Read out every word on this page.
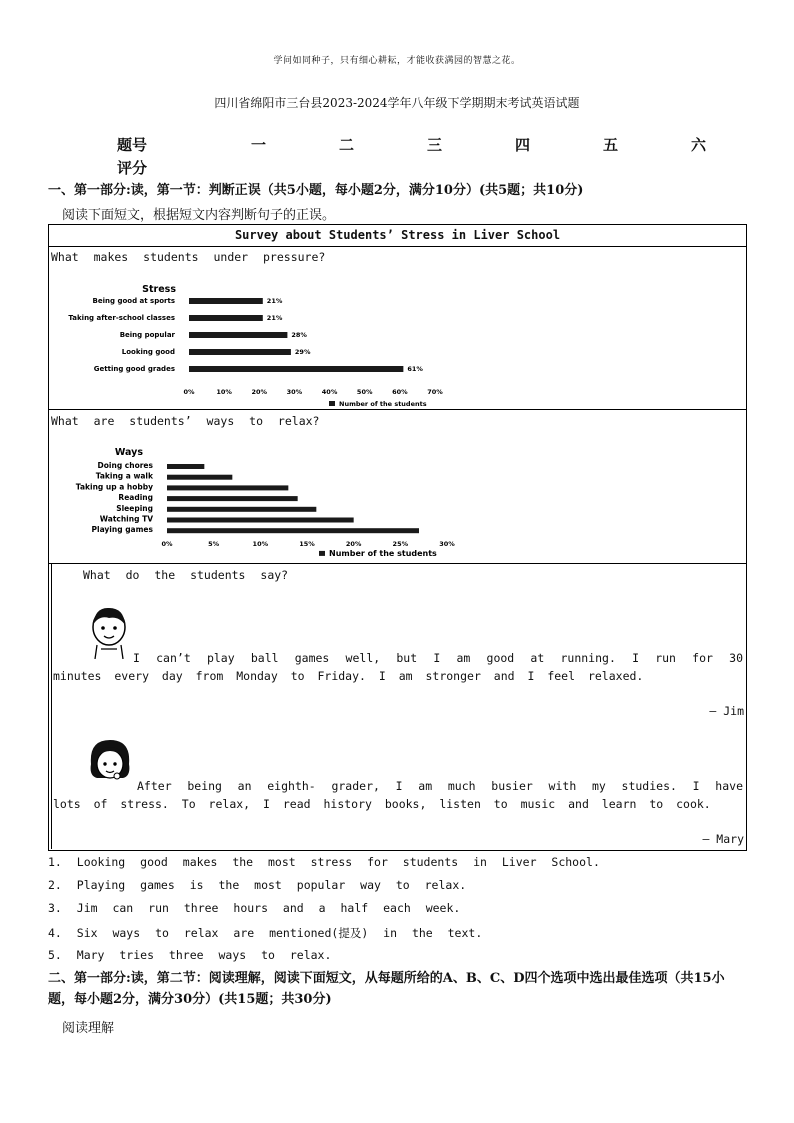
学问如同种子，只有细心耕耘，才能收获满园的智慧之花。
四川省绵阳市三台县2023-2024学年八年级下学期期末考试英语试题
题号	一	二	三	四	五	六
评分
一、第一部分:读，第一节：判断正误（共5小题，每小题2分，满分10分）(共5题；共10分)
阅读下面短文，根据短文内容判断句子的正误。
Survey about Students’ Stress in Liver School
What makes students under pressure?
Stress
Being good at sports	21%
Taking after-school classes	21%
Being popular	28%
Looking good	29%
Getting good grades	61%
0%	10%	20%	30%	40%	50%	60%	70%
Number of the students
What are students’ ways to relax?
Ways
Doing chores
Taking a walk
Taking up a hobby
Reading
Sleeping
Watching TV
Playing games
0%	5%	10%	15%	20%	25%	30%
Number of the students
What do the students say?
I can’t play ball games well, but I am good at running. I run for 30 minutes every day from Monday to Friday. I am stronger and I feel relaxed.
— Jim
After being an eighth- grader, I am much busier with my studies. I have lots of stress. To relax, I read history books, listen to music and learn to cook.
— Mary
1. Looking good makes the most stress for students in Liver School.
2. Playing games is the most popular way to relax.
3. Jim can run three hours and a half each week.
4. Six ways to relax are mentioned(提及) in the text.
5. Mary tries three ways to relax.
二、第一部分:读，第二节：阅读理解，阅读下面短文，从每题所给的A、B、C、D四个选项中选出最佳选项（共15小题，每小题2分，满分30分）(共15题；共30分)
阅读理解
